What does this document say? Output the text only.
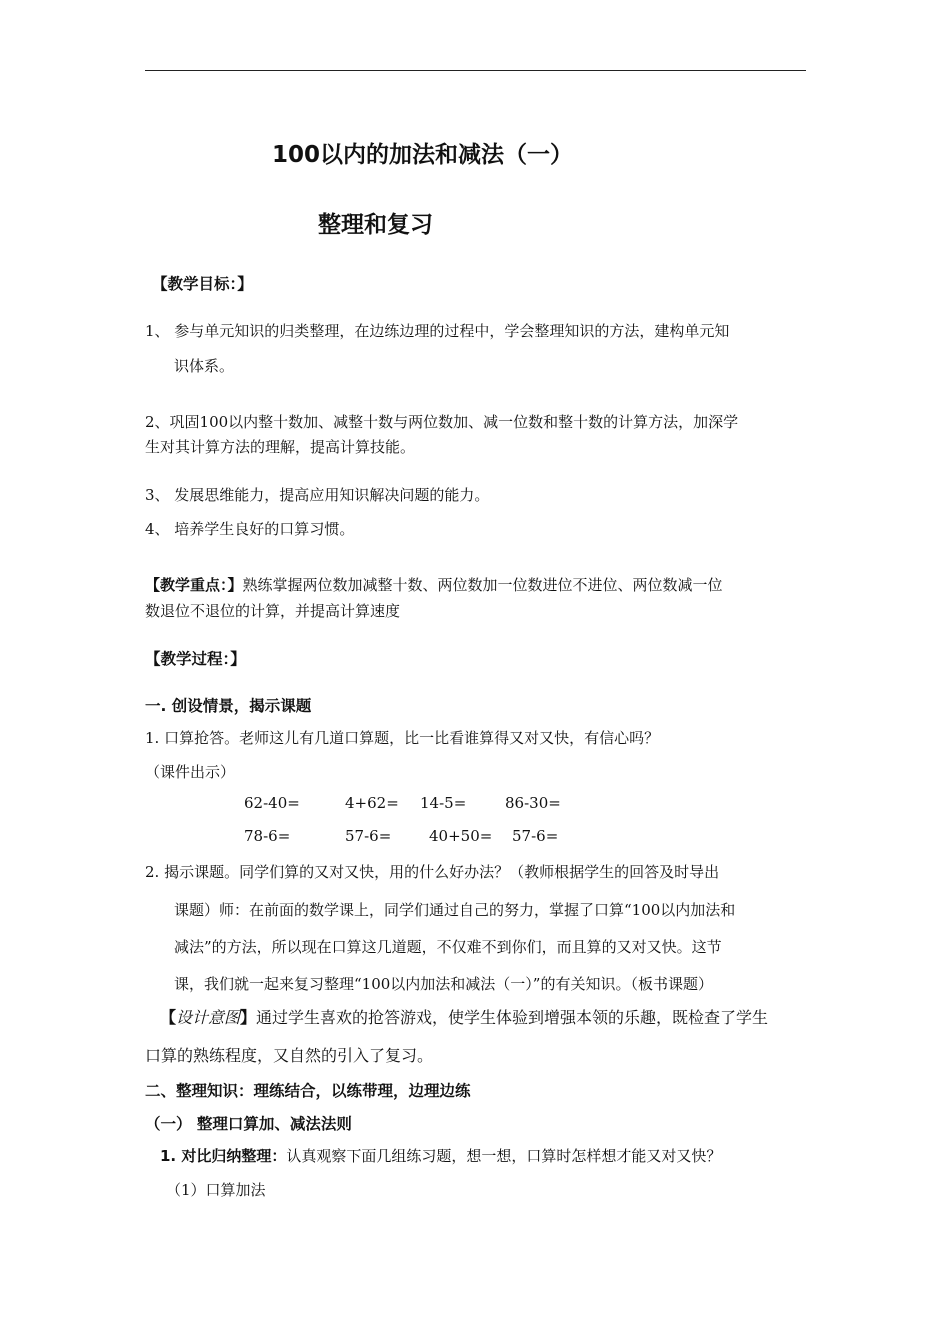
100以内的加法和减法（一）
整理和复习
【教学目标：】
1、 参与单元知识的归类整理，在边练边理的过程中，学会整理知识的方法，建构单元知
识体系。
2、巩固100以内整十数加、减整十数与两位数加、减一位数和整十数的计算方法，加深学
生对其计算方法的理解，提高计算技能。
3、 发展思维能力，提高应用知识解决问题的能力。
4、 培养学生良好的口算习惯。
【教学重点：】熟练掌握两位数加减整十数、两位数加一位数进位不进位、两位数减一位
数退位不退位的计算，并提高计算速度
【教学过程：】
一. 创设情景，揭示课题
1. 口算抢答。老师这儿有几道口算题，比一比看谁算得又对又快，有信心吗？
（课件出示）
62-40=	4+62= 14-5=	86-30=
78-6=	57-6=	40+50= 57-6=
2. 揭示课题。同学们算的又对又快，用的什么好办法？（教师根据学生的回答及时导出
课题）师：在前面的数学课上，同学们通过自己的努力，掌握了口算“100以内加法和
减法”的方法，所以现在口算这几道题，不仅难不到你们，而且算的又对又快。这节
课，我们就一起来复习整理“100以内加法和减法（一）”的有关知识。（板书课题）
【设计意图】通过学生喜欢的抢答游戏，使学生体验到增强本领的乐趣，既检查了学生
口算的熟练程度，又自然的引入了复习。
二、整理知识：理练结合，以练带理，边理边练
（一） 整理口算加、减法法则
1. 对比归纳整理：认真观察下面几组练习题，想一想，口算时怎样想才能又对又快？
（1）口算加法
